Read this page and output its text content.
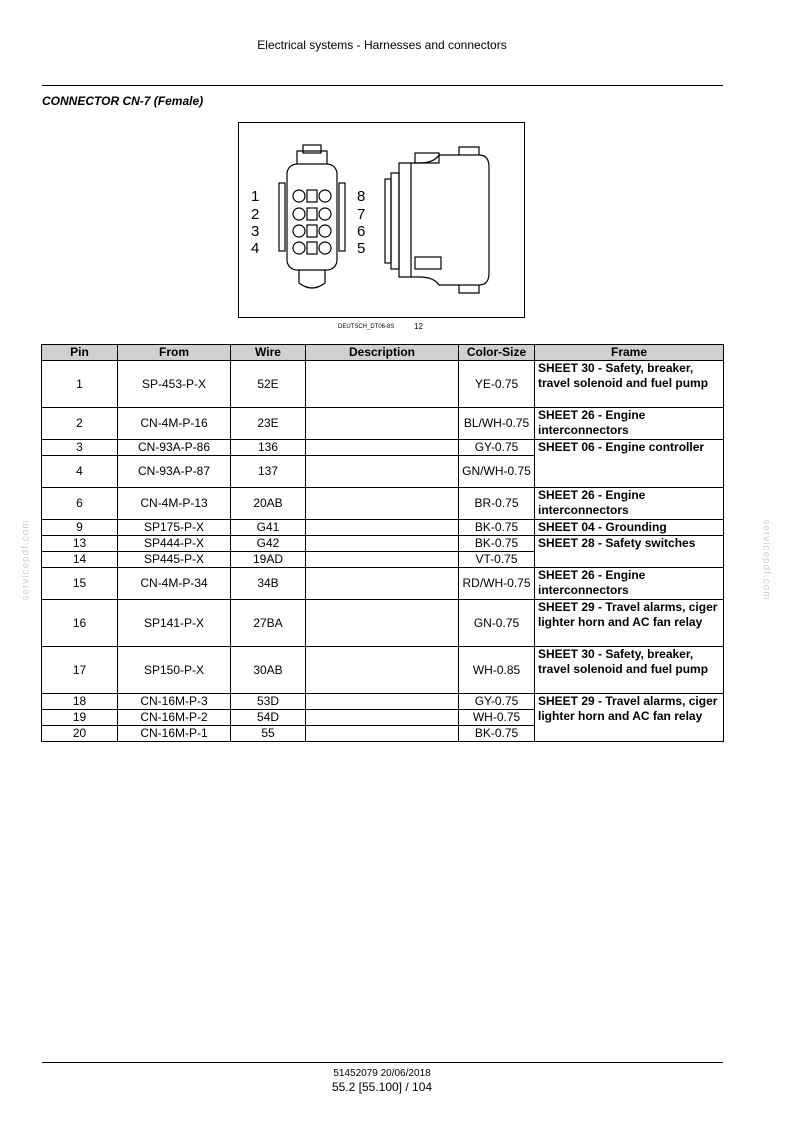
Electrical systems - Harnesses and connectors
CONNECTOR CN-7 (Female)
1
2
3
4
8
7
6
5
DEUTSCH_DT06-8S 12
Pin	From	Wire	Description	Color-Size	Frame
1	SP-453-P-X	52E		YE-0.75	SHEET 30 - Safety, breaker, travel solenoid and fuel pump
2	CN-4M-P-16	23E		BL/WH-0.75	SHEET 26 - Engine interconnectors
3	CN-93A-P-86	136		GY-0.75	SHEET 06 - Engine controller
4	CN-93A-P-87	137		GN/WH-0.75	
6	CN-4M-P-13	20AB		BR-0.75	SHEET 26 - Engine interconnectors
9	SP175-P-X	G41		BK-0.75	SHEET 04 - Grounding
13	SP444-P-X	G42		BK-0.75	SHEET 28 - Safety switches
14	SP445-P-X	19AD		VT-0.75	
15	CN-4M-P-34	34B		RD/WH-0.75	SHEET 26 - Engine interconnectors
16	SP141-P-X	27BA		GN-0.75	SHEET 29 - Travel alarms, ciger lighter horn and AC fan relay
17	SP150-P-X	30AB		WH-0.85	SHEET 30 - Safety, breaker, travel solenoid and fuel pump
18	CN-16M-P-3	53D		GY-0.75	SHEET 29 - Travel alarms, ciger lighter horn and AC fan relay
19	CN-16M-P-2	54D		WH-0.75	
20	CN-16M-P-1	55		BK-0.75	
servicepdf.com	servicepdf.com
51452079 20/06/2018
55.2 [55.100] / 104
